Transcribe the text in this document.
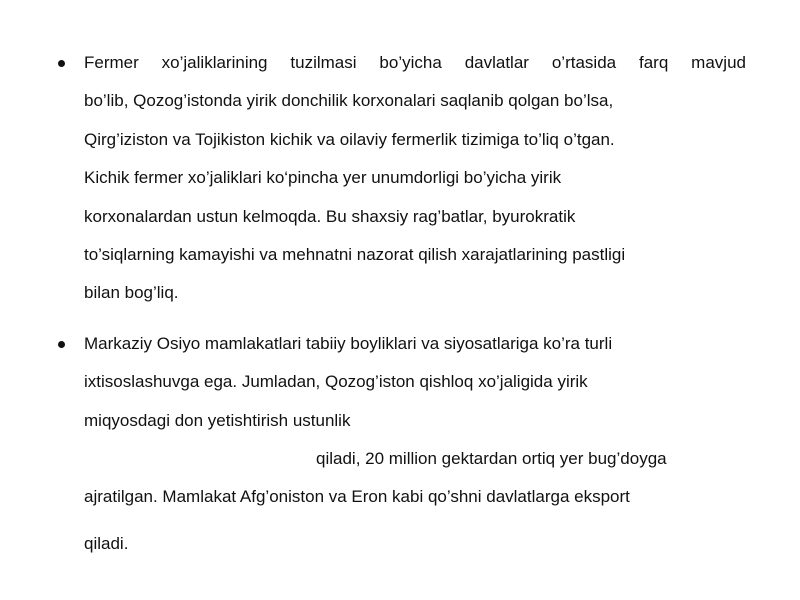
Fermer xo’jaliklarining tuzilmasi bo’yicha davlatlar o’rtasida farq mavjud
bo’lib, Qozog’istonda yirik donchilik korxonalari saqlanib qolgan bo’lsa,
Qirg’iziston va Tojikiston kichik va oilaviy fermerlik tizimiga to’liq o’tgan.
Kichik fermer xo’jaliklari ko‘pincha yer unumdorligi bo’yicha yirik
korxonalardan ustun kelmoqda. Bu shaxsiy rag’batlar, byurokratik
to’siqlarning kamayishi va mehnatni nazorat qilish xarajatlarining pastligi
bilan bog’liq.
Markaziy Osiyo mamlakatlari tabiiy boyliklari va siyosatlariga ko’ra turli
ixtisoslashuvga ega. Jumladan, Qozog’iston qishloq xo’jaligida yirik
miqyosdagi don yetishtirish ustunlik
qiladi, 20 million gektardan ortiq yer bug’doyga
ajratilgan. Mamlakat Afg’oniston va Eron kabi qo’shni davlatlarga eksport
qiladi.
